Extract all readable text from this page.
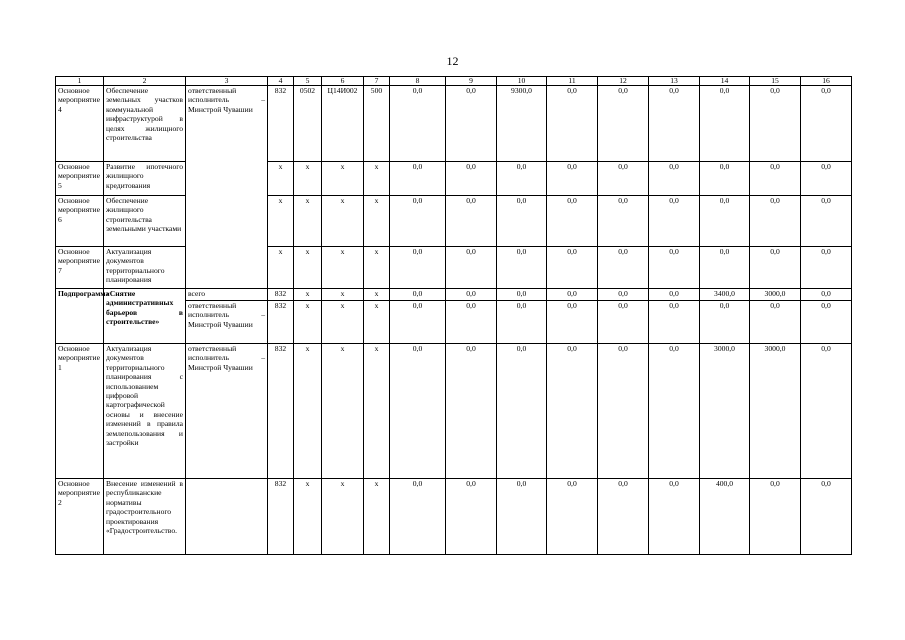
12
1	2	3	4	5	6	7	8	9	10	11	12	13	14	15	16
Основное мероприятие 4	Обеспечение земельных участков коммунальной инфраструктурой в целях жилищного строительства	ответственный исполнитель – Минстрой Чувашии	832	0502	Ц14И002	500	0,0	0,0	9300,0	0,0	0,0	0,0	0,0	0,0	0,0
Основное мероприятие 5	Развитие ипотечного жилищного кредитования		x	x	x	x	0,0	0,0	0,0	0,0	0,0	0,0	0,0	0,0	0,0
Основное мероприятие 6	Обеспечение жилищного строительства земельными участками		x	x	x	x	0,0	0,0	0,0	0,0	0,0	0,0	0,0	0,0	0,0
Основное мероприятие 7	Актуализация документов территориального планирования		x	x	x	x	0,0	0,0	0,0	0,0	0,0	0,0	0,0	0,0	0,0
Подпрограмма	«Снятие административных барьеров в строительстве»	всего	832	x	x	x	0,0	0,0	0,0	0,0	0,0	0,0	3400,0	3000,0	0,0
		ответственный исполнитель – Минстрой Чувашии	832	x	x	x	0,0	0,0	0,0	0,0	0,0	0,0	0,0	0,0	0,0
Основное мероприятие 1	Актуализация документов территориального планирования с использованием цифровой картографической основы и внесение изменений в правила землепользования и застройки	ответственный исполнитель – Минстрой Чувашии	832	x	x	x	0,0	0,0	0,0	0,0	0,0	0,0	3000,0	3000,0	0,0
Основное мероприятие 2	Внесение изменений в республиканские нормативы градостроительного проектирования «Градостроительство.		832	x	x	x	0,0	0,0	0,0	0,0	0,0	0,0	400,0	0,0	0,0
